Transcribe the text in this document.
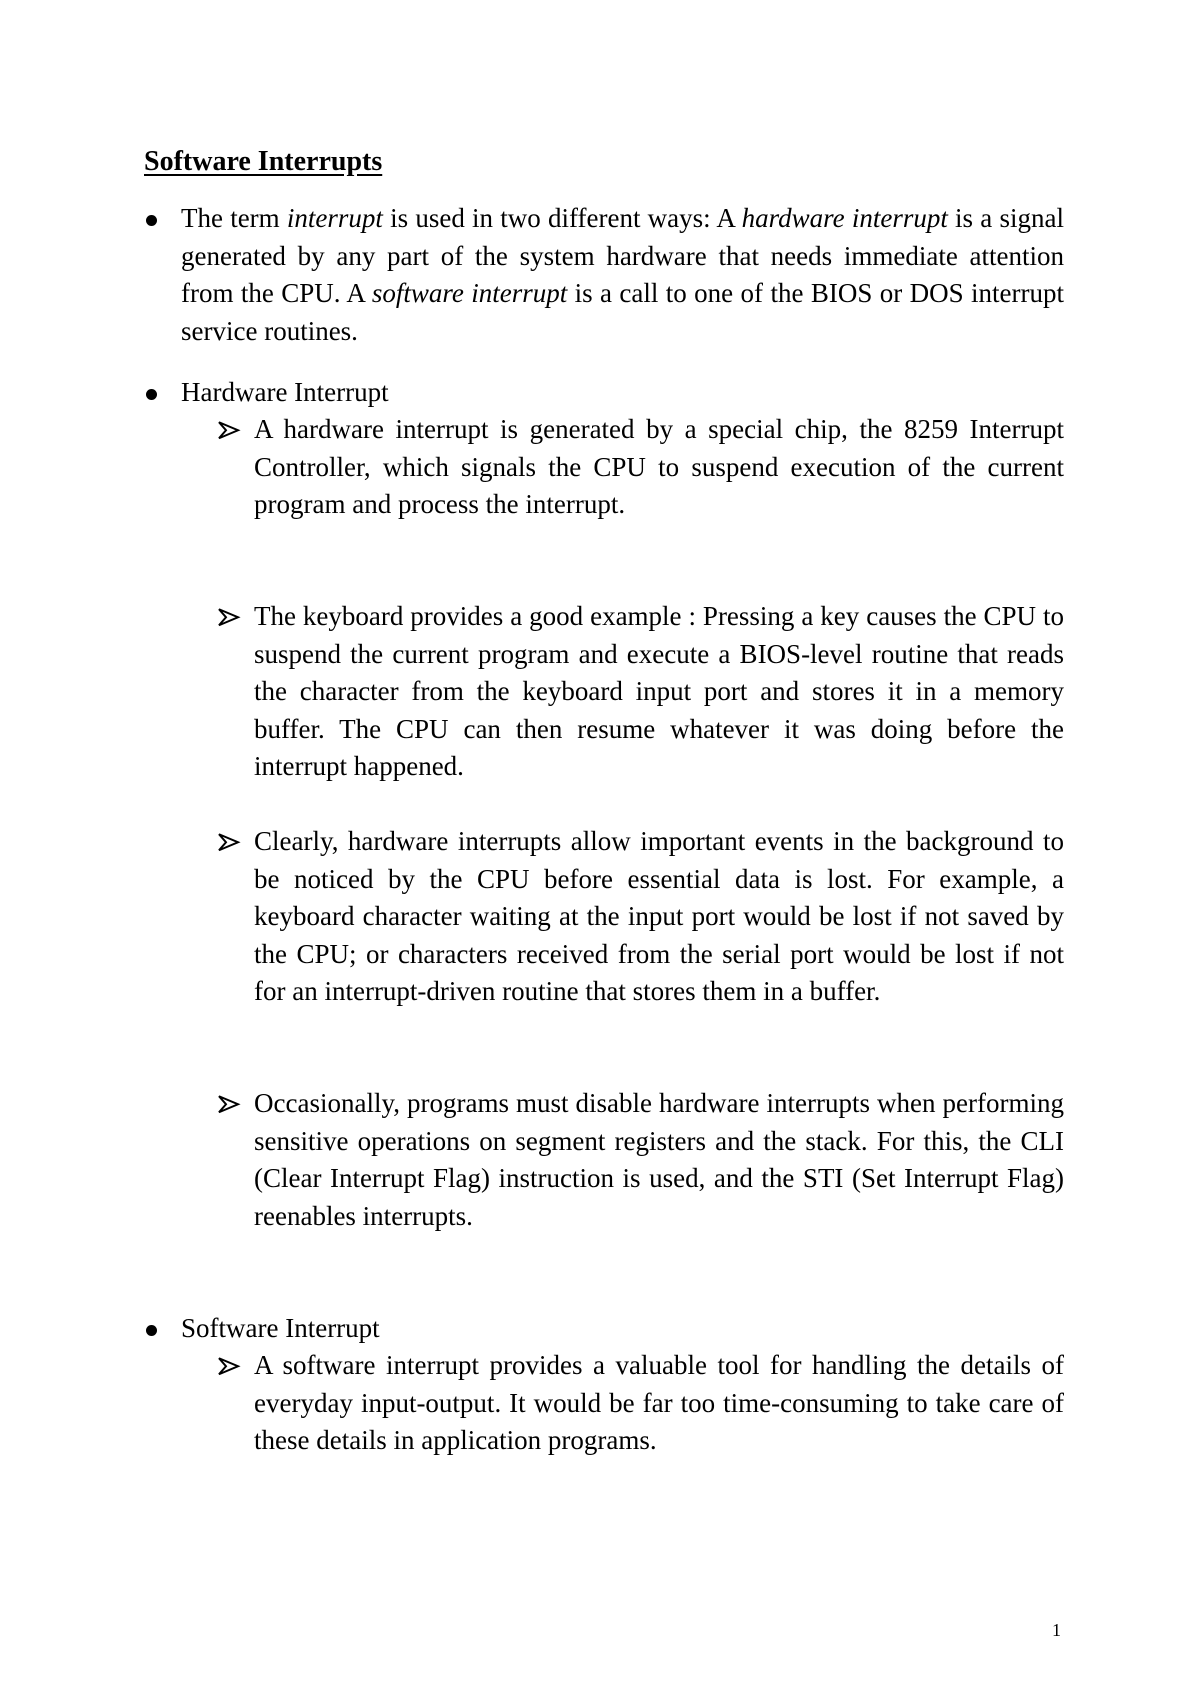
Software Interrupts
The term interrupt is used in two different ways: A hardware interrupt is a signal generated by any part of the system hardware that needs immediate attention from the CPU. A software interrupt is a call to one of the BIOS or DOS interrupt service routines.
Hardware Interrupt
A hardware interrupt is generated by a special chip, the 8259 Interrupt Controller, which signals the CPU to suspend execution of the current program and process the interrupt.
The keyboard provides a good example : Pressing a key causes the CPU to suspend the current program and execute a BIOS-level routine that reads the character from the keyboard input port and stores it in a memory buffer. The CPU can then resume whatever it was doing before the interrupt happened.
Clearly, hardware interrupts allow important events in the background to be noticed by the CPU before essential data is lost. For example, a keyboard character waiting at the input port would be lost if not saved by the CPU; or characters received from the serial port would be lost if not for an interrupt-driven routine that stores them in a buffer.
Occasionally, programs must disable hardware interrupts when performing sensitive operations on segment registers and the stack. For this, the CLI (Clear Interrupt Flag) instruction is used, and the STI (Set Interrupt Flag) reenables interrupts.
Software Interrupt
A software interrupt provides a valuable tool for handling the details of everyday input-output. It would be far too time-consuming to take care of these details in application programs.
1
